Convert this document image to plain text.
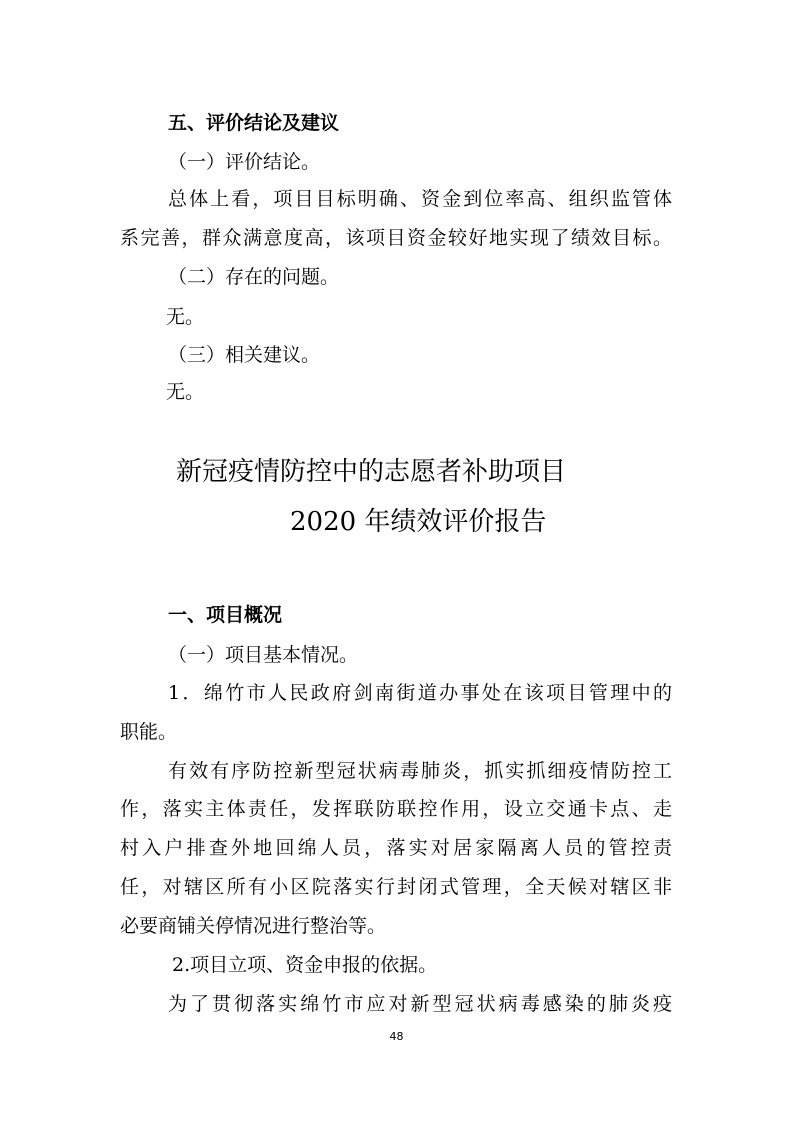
五、评价结论及建议
（一）评价结论。
总体上看，项目目标明确、资金到位率高、组织监管体
系完善，群众满意度高，该项目资金较好地实现了绩效目标。
（二）存在的问题。
无。
（三）相关建议。
无。
新冠疫情防控中的志愿者补助项目
2020 年绩效评价报告
一、项目概况
（一）项目基本情况。
1．绵竹市人民政府剑南街道办事处在该项目管理中的
职能。
有效有序防控新型冠状病毒肺炎，抓实抓细疫情防控工
作，落实主体责任，发挥联防联控作用，设立交通卡点、走
村入户排查外地回绵人员，落实对居家隔离人员的管控责
任，对辖区所有小区院落实行封闭式管理，全天候对辖区非
必要商铺关停情况进行整治等。
2.项目立项、资金申报的依据。
为了贯彻落实绵竹市应对新型冠状病毒感染的肺炎疫
48
